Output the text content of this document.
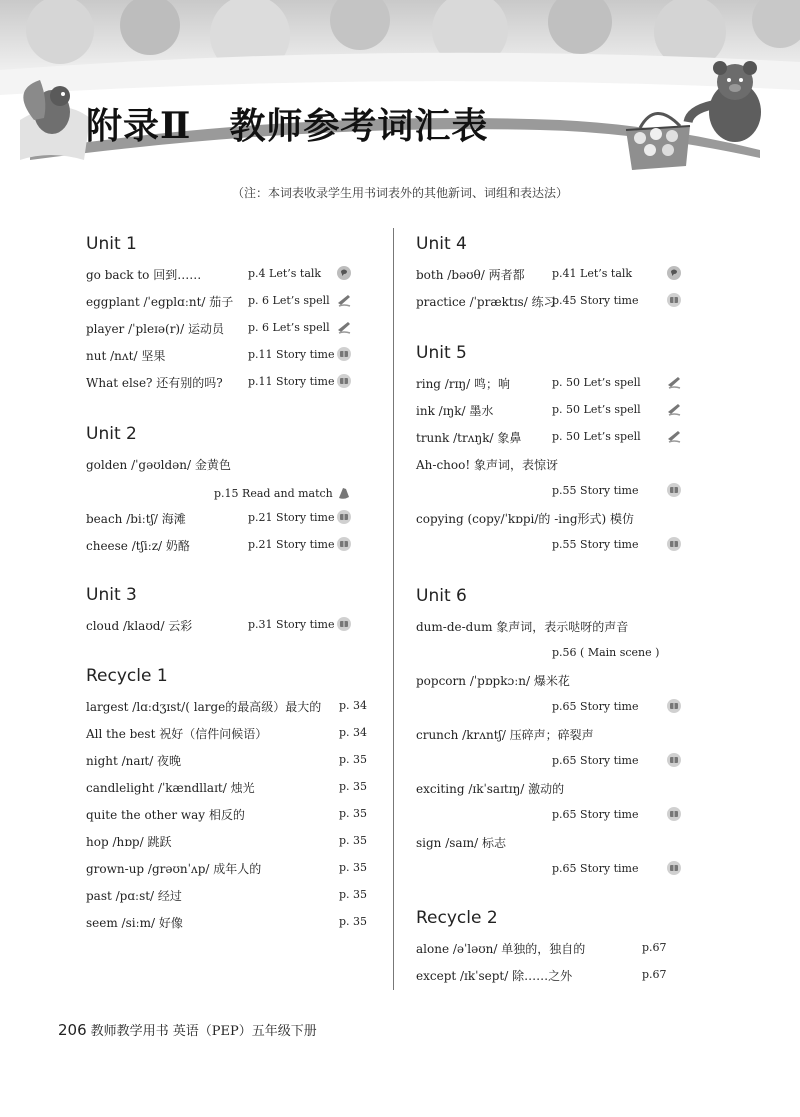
附录Ⅱ 教师参考词汇表
（注：本词表收录学生用书词表外的其他新词、词组和表达法）
Unit 1
go back to 回到……	p.4 Let’s talk
eggplant /ˈegplɑːnt/ 茄子 p. 6 Let’s spell
player /ˈpleɪə(r)/ 运动员 p. 6 Let’s spell
nut /nʌt/ 坚果	p.11 Story time
What else? 还有别的吗? p.11 Story time
Unit 2
golden /ˈgəʊldən/ 金黄色
p.15 Read and match
beach /biːtʃ/ 海滩	p.21 Story time
cheese /tʃiːz/ 奶酪	p.21 Story time
Unit 3
cloud /klaʊd/ 云彩	p.31 Story time
Recycle 1
largest /lɑːdʒɪst/( large的最高级）最大的 p. 34
All the best 祝好（信件问候语）	p. 34
night /naɪt/ 夜晚	p. 35
candlelight /ˈkændllaɪt/ 烛光	p. 35
quite the other way 相反的	p. 35
hop /hɒp/ 跳跃	p. 35
grown-up /grəʊnˈʌp/ 成年人的	p. 35
past /pɑːst/ 经过	p. 35
seem /siːm/ 好像	p. 35
Unit 4
both /bəʊθ/ 两者都 p.41 Let’s talk
practice /ˈpræktɪs/ 练习
p.45 Story time
Unit 5
ring /rɪŋ/ 鸣；响	p. 50 Let’s spell
ink /ɪŋk/ 墨水	p. 50 Let’s spell
trunk /trʌŋk/ 象鼻	p. 50 Let’s spell
Ah-choo! 象声词，表惊讶
p.55 Story time
copying (copy/ˈkɒpi/的 -ing形式) 模仿
p.55 Story time
Unit 6
dum-de-dum 象声词，表示哒呀的声音
p.56 ( Main scene )
popcorn /ˈpɒpkɔːn/ 爆米花
p.65 Story time
crunch /krʌntʃ/ 压碎声；碎裂声
p.65 Story time
exciting /ɪkˈsaɪtɪŋ/ 激动的
p.65 Story time
sign /saɪn/ 标志
p.65 Story time
Recycle 2
alone /əˈləʊn/ 单独的，独自的	p.67
except /ɪkˈsept/ 除……之外	p.67
206 教师教学用书 英语（PEP）五年级下册
